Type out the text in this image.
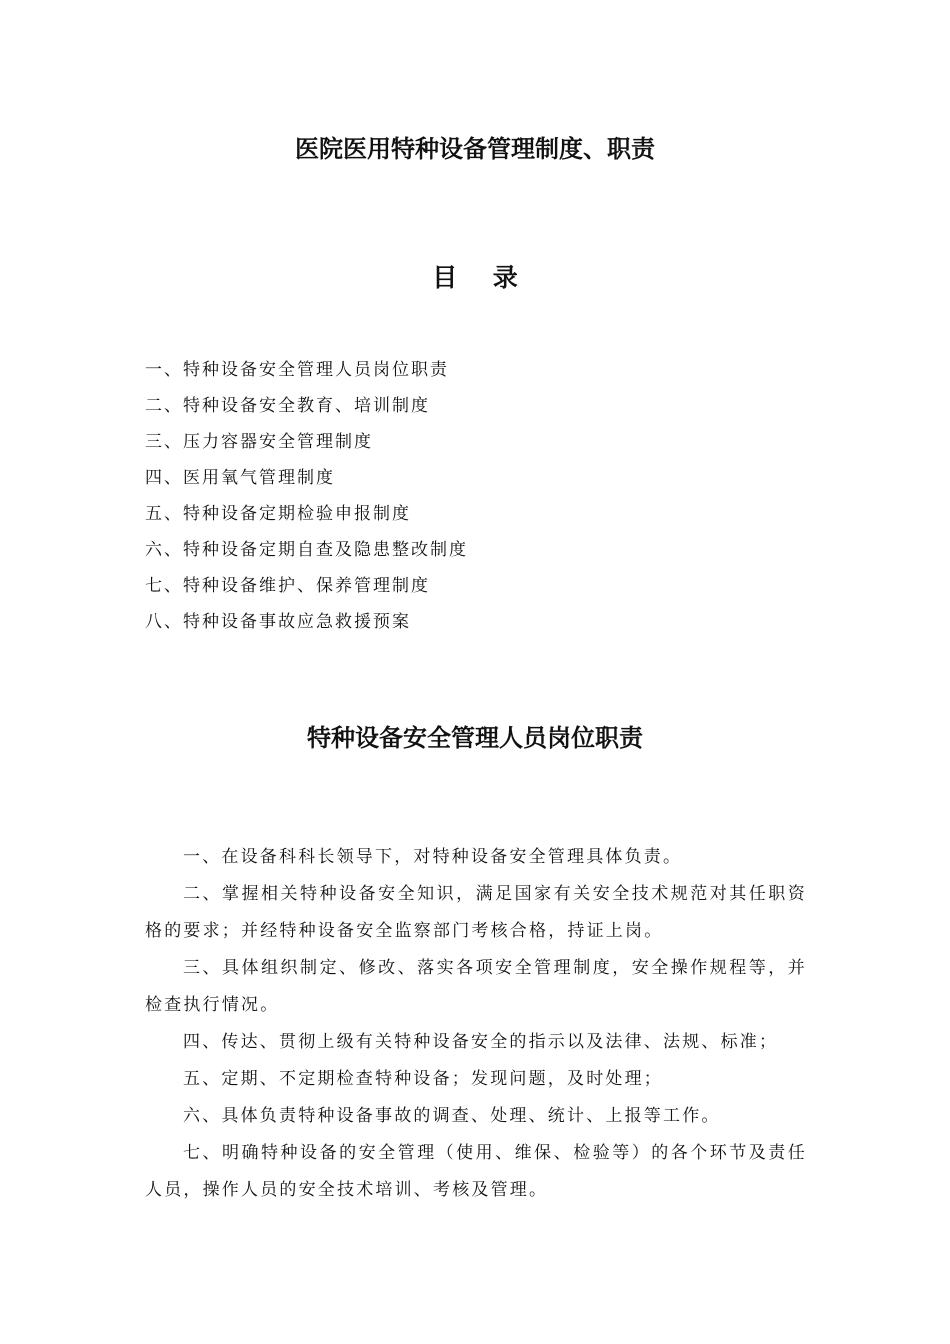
医院医用特种设备管理制度、职责
目 录
一、特种设备安全管理人员岗位职责
二、特种设备安全教育、培训制度
三、压力容器安全管理制度
四、医用氧气管理制度
五、特种设备定期检验申报制度
六、特种设备定期自查及隐患整改制度
七、特种设备维护、保养管理制度
八、特种设备事故应急救援预案
特种设备安全管理人员岗位职责

一、在设备科科长领导下，对特种设备安全管理具体负责。

二、掌握相关特种设备安全知识，满足国家有关安全技术规范对其任职资格的要求；并经特种设备安全监察部门考核合格，持证上岗。

三、具体组织制定、修改、落实各项安全管理制度，安全操作规程等，并检查执行情况。

四、传达、贯彻上级有关特种设备安全的指示以及法律、法规、标准；

五、定期、不定期检查特种设备；发现问题，及时处理；

六、具体负责特种设备事故的调查、处理、统计、上报等工作。

七、明确特种设备的安全管理（使用、维保、检验等）的各个环节及责任人员，操作人员的安全技术培训、考核及管理。
